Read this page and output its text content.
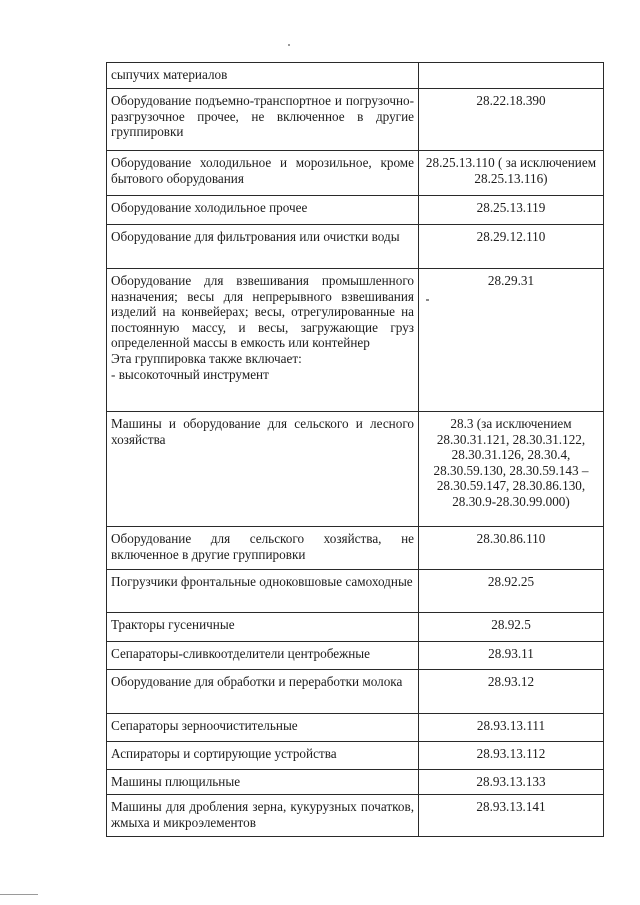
сыпучих материалов	
Оборудование подъемно-транспортное и погрузочно-разгрузочное прочее, не включенное в другие группировки	28.22.18.390
Оборудование холодильное и морозильное, кроме бытового оборудования	28.25.13.110 ( за исключением 28.25.13.116)
Оборудование холодильное прочее	28.25.13.119
Оборудование для фильтрования или очистки воды	28.29.12.110
Оборудование для взвешивания промышленного назначения; весы для непрерывного взвешивания изделий на конвейерах; весы, отрегулированные на постоянную массу, и весы, загружающие груз определенной массы в емкость или контейнер
Эта группировка также включает:
- высокоточный инструмент	28.29.31
Машины и оборудование для сельского и лесного хозяйства	28.3 (за исключением 28.30.31.121, 28.30.31.122, 28.30.31.126, 28.30.4, 28.30.59.130, 28.30.59.143 – 28.30.59.147, 28.30.86.130, 28.30.9-28.30.99.000)
Оборудование для сельского хозяйства, не включенное в другие группировки	28.30.86.110
Погрузчики фронтальные одноковшовые самоходные	28.92.25
Тракторы гусеничные	28.92.5
Сепараторы-сливкоотделители центробежные	28.93.11
Оборудование для обработки и переработки молока	28.93.12
Сепараторы зерноочистительные	28.93.13.111
Аспираторы и сортирующие устройства	28.93.13.112
Машины плющильные	28.93.13.133
Машины для дробления зерна, кукурузных початков, жмыха и микроэлементов	28.93.13.141
